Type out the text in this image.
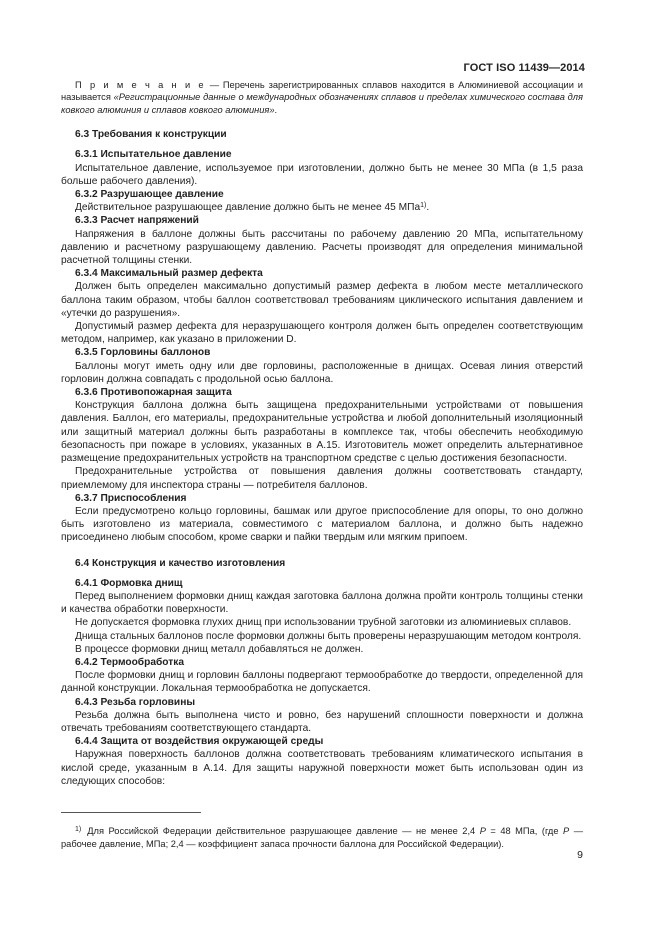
ГОСТ ISO 11439—2014

П р и м е ч а н и е — Перечень зарегистрированных сплавов находится в Алюминиевой ассоциации и называется «Регистрационные данные о международных обозначениях сплавов и пределах химического состава для ковкого алюминия и сплавов ковкого алюминия».

6.3 Требования к конструкции

6.3.1 Испытательное давление

Испытательное давление, используемое при изготовлении, должно быть не менее 30 МПа (в 1,5 раза больше рабочего давления).

6.3.2 Разрушающее давление

Действительное разрушающее давление должно быть не менее 45 МПа$^{1)}$.

6.3.3 Расчет напряжений

Напряжения в баллоне должны быть рассчитаны по рабочему давлению 20 МПа, испытательному давлению и расчетному разрушающему давлению. Расчеты производят для определения минимальной расчетной толщины стенки.

6.3.4 Максимальный размер дефекта

Должен быть определен максимально допустимый размер дефекта в любом месте металлического баллона таким образом, чтобы баллон соответствовал требованиям циклического испытания давлением и «утечки до разрушения».

Допустимый размер дефекта для неразрушающего контроля должен быть определен соответствующим методом, например, как указано в приложении D.

6.3.5 Горловины баллонов

Баллоны могут иметь одну или две горловины, расположенные в днищах. Осевая линия отверстий горловин должна совпадать с продольной осью баллона.

6.3.6 Противопожарная защита

Конструкция баллона должна быть защищена предохранительными устройствами от повышения давления. Баллон, его материалы, предохранительные устройства и любой дополнительный изоляционный или защитный материал должны быть разработаны в комплексе так, чтобы обеспечить необходимую безопасность при пожаре в условиях, указанных в А.15. Изготовитель может определить альтернативное размещение предохранительных устройств на транспортном средстве с целью достижения безопасности.

Предохранительные устройства от повышения давления должны соответствовать стандарту, приемлемому для инспектора страны — потребителя баллонов.

6.3.7 Приспособления

Если предусмотрено кольцо горловины, башмак или другое приспособление для опоры, то оно должно быть изготовлено из материала, совместимого с материалом баллона, и должно быть надежно присоединено любым способом, кроме сварки и пайки твердым или мягким припоем.

6.4 Конструкция и качество изготовления

6.4.1 Формовка днищ

Перед выполнением формовки днищ каждая заготовка баллона должна пройти контроль толщины стенки и качества обработки поверхности.

Не допускается формовка глухих днищ при использовании трубной заготовки из алюминиевых сплавов.

Днища стальных баллонов после формовки должны быть проверены неразрушающим методом контроля.

В процессе формовки днищ металл добавляться не должен.

6.4.2 Термообработка

После формовки днищ и горловин баллоны подвергают термообработке до твердости, определенной для данной конструкции. Локальная термообработка не допускается.

6.4.3 Резьба горловины

Резьба должна быть выполнена чисто и ровно, без нарушений сплошности поверхности и должна отвечать требованиям соответствующего стандарта.

6.4.4 Защита от воздействия окружающей среды

Наружная поверхность баллонов должна соответствовать требованиям климатического испытания в кислой среде, указанным в А.14. Для защиты наружной поверхности может быть использован один из следующих способов:

$^{1)}$ Для Российской Федерации действительное разрушающее давление — не менее 2,4 Р = 48 МПа, (где Р — рабочее давление, МПа; 2,4 — коэффициент запаса прочности баллона для Российской Федерации).

9
